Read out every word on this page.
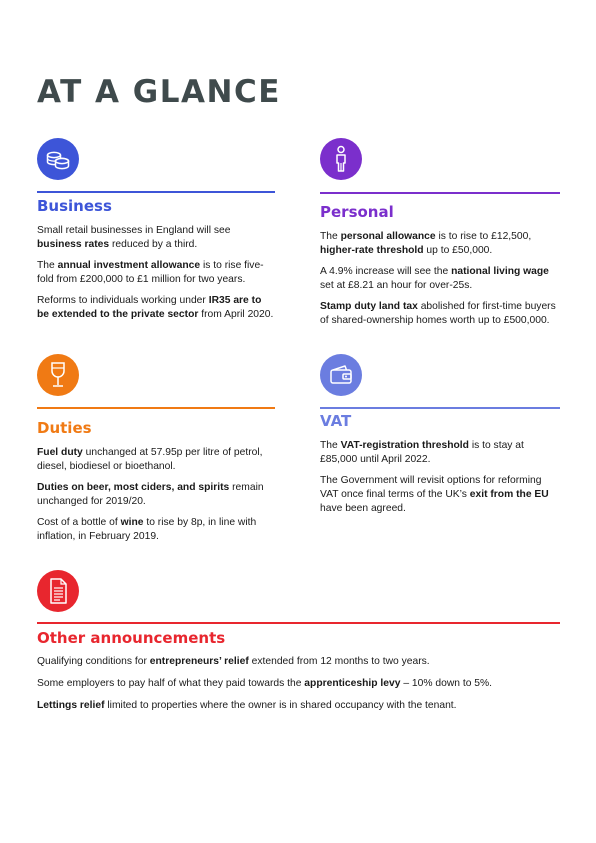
AT A GLANCE
Business

Small retail businesses in England will see business rates reduced by a third.

The annual investment allowance is to rise five-fold from £200,000 to £1 million for two years.

Reforms to individuals working under IR35 are to be extended to the private sector from April 2020.

Personal

The personal allowance is to rise to £12,500, higher-rate threshold up to £50,000.

A 4.9% increase will see the national living wage set at £8.21 an hour for over-25s.

Stamp duty land tax abolished for first-time buyers of shared-ownership homes worth up to £500,000.

Duties

Fuel duty unchanged at 57.95p per litre of petrol, diesel, biodiesel or bioethanol.

Duties on beer, most ciders, and spirits remain unchanged for 2019/20.

Cost of a bottle of wine to rise by 8p, in line with inflation, in February 2019.

VAT

The VAT-registration threshold is to stay at £85,000 until April 2022.

The Government will revisit options for reforming VAT once final terms of the UK’s exit from the EU have been agreed.

Other announcements

Qualifying conditions for entrepreneurs’ relief extended from 12 months to two years.

Some employers to pay half of what they paid towards the apprenticeship levy – 10% down to 5%.

Lettings relief limited to properties where the owner is in shared occupancy with the tenant.
